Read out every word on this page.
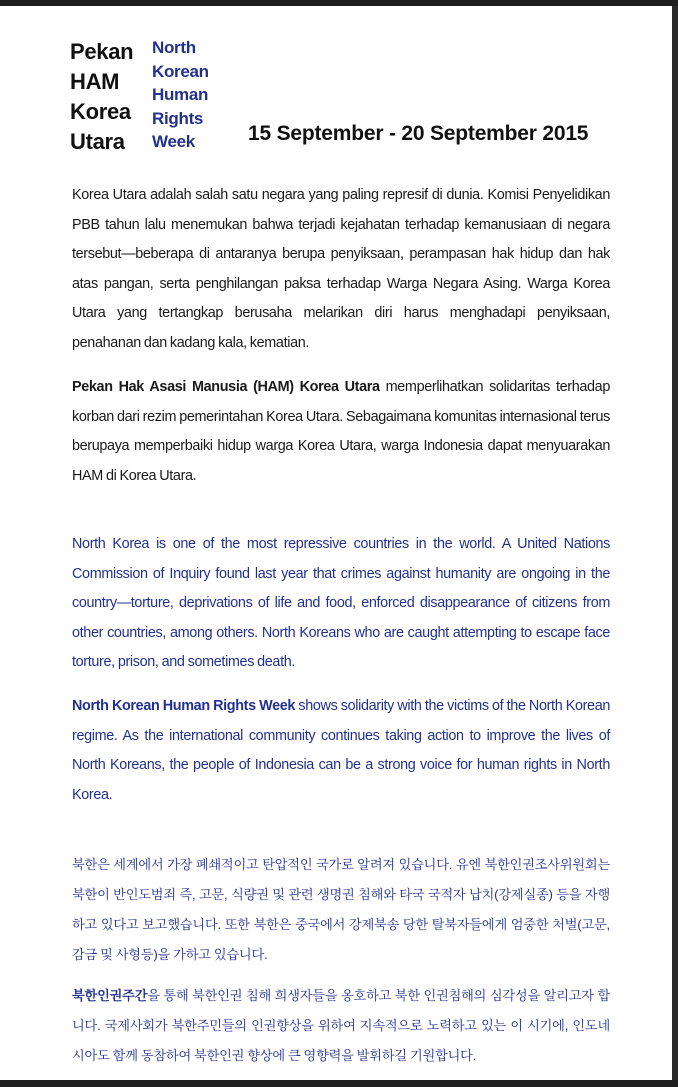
Pekan
HAM
Korea
Utara
North
Korean
Human
Rights
Week	15 September - 20 September 2015

Korea Utara adalah salah satu negara yang paling represif di dunia. Komisi Penyelidikan PBB tahun lalu menemukan bahwa terjadi kejahatan terhadap kemanusiaan di negara tersebut—beberapa di antaranya berupa penyiksaan, perampasan hak hidup dan hak atas pangan, serta penghilangan paksa terhadap Warga Negara Asing. Warga Korea Utara yang tertangkap berusaha melarikan diri harus menghadapi penyiksaan, penahanan dan kadang kala, kematian.

Pekan Hak Asasi Manusia (HAM) Korea Utara memperlihatkan solidaritas terhadap korban dari rezim pemerintahan Korea Utara. Sebagaimana komunitas internasional terus berupaya memperbaiki hidup warga Korea Utara, warga Indonesia dapat menyuarakan HAM di Korea Utara.

North Korea is one of the most repressive countries in the world. A United Nations Commission of Inquiry found last year that crimes against humanity are ongoing in the country—torture, deprivations of life and food, enforced disappearance of citizens from other countries, among others. North Koreans who are caught attempting to escape face torture, prison, and sometimes death.

North Korean Human Rights Week shows solidarity with the victims of the North Korean regime. As the international community continues taking action to improve the lives of North Koreans, the people of Indonesia can be a strong voice for human rights in North Korea.

북한은 세계에서 가장 폐쇄적이고 탄압적인 국가로 알려져 있습니다. 유엔 북한인권조사위원회는 북한이 반인도범죄 즉, 고문, 식량권 및 관련 생명권 침해와 타국 국적자 납치(강제실종) 등을 자행하고 있다고 보고했습니다. 또한 북한은 중국에서 강제북송 당한 탈북자들에게 엄중한 처벌(고문, 감금 및 사형등)을 가하고 있습니다.

북한인권주간을 통해 북한인권 침해 희생자들을 옹호하고 북한 인권침해의 심각성을 알리고자 합니다. 국제사회가 북한주민들의 인권향상을 위하여 지속적으로 노력하고 있는 이 시기에, 인도네시아도 함께 동참하여 북한인권 향상에 큰 영향력을 발휘하길 기원합니다.
